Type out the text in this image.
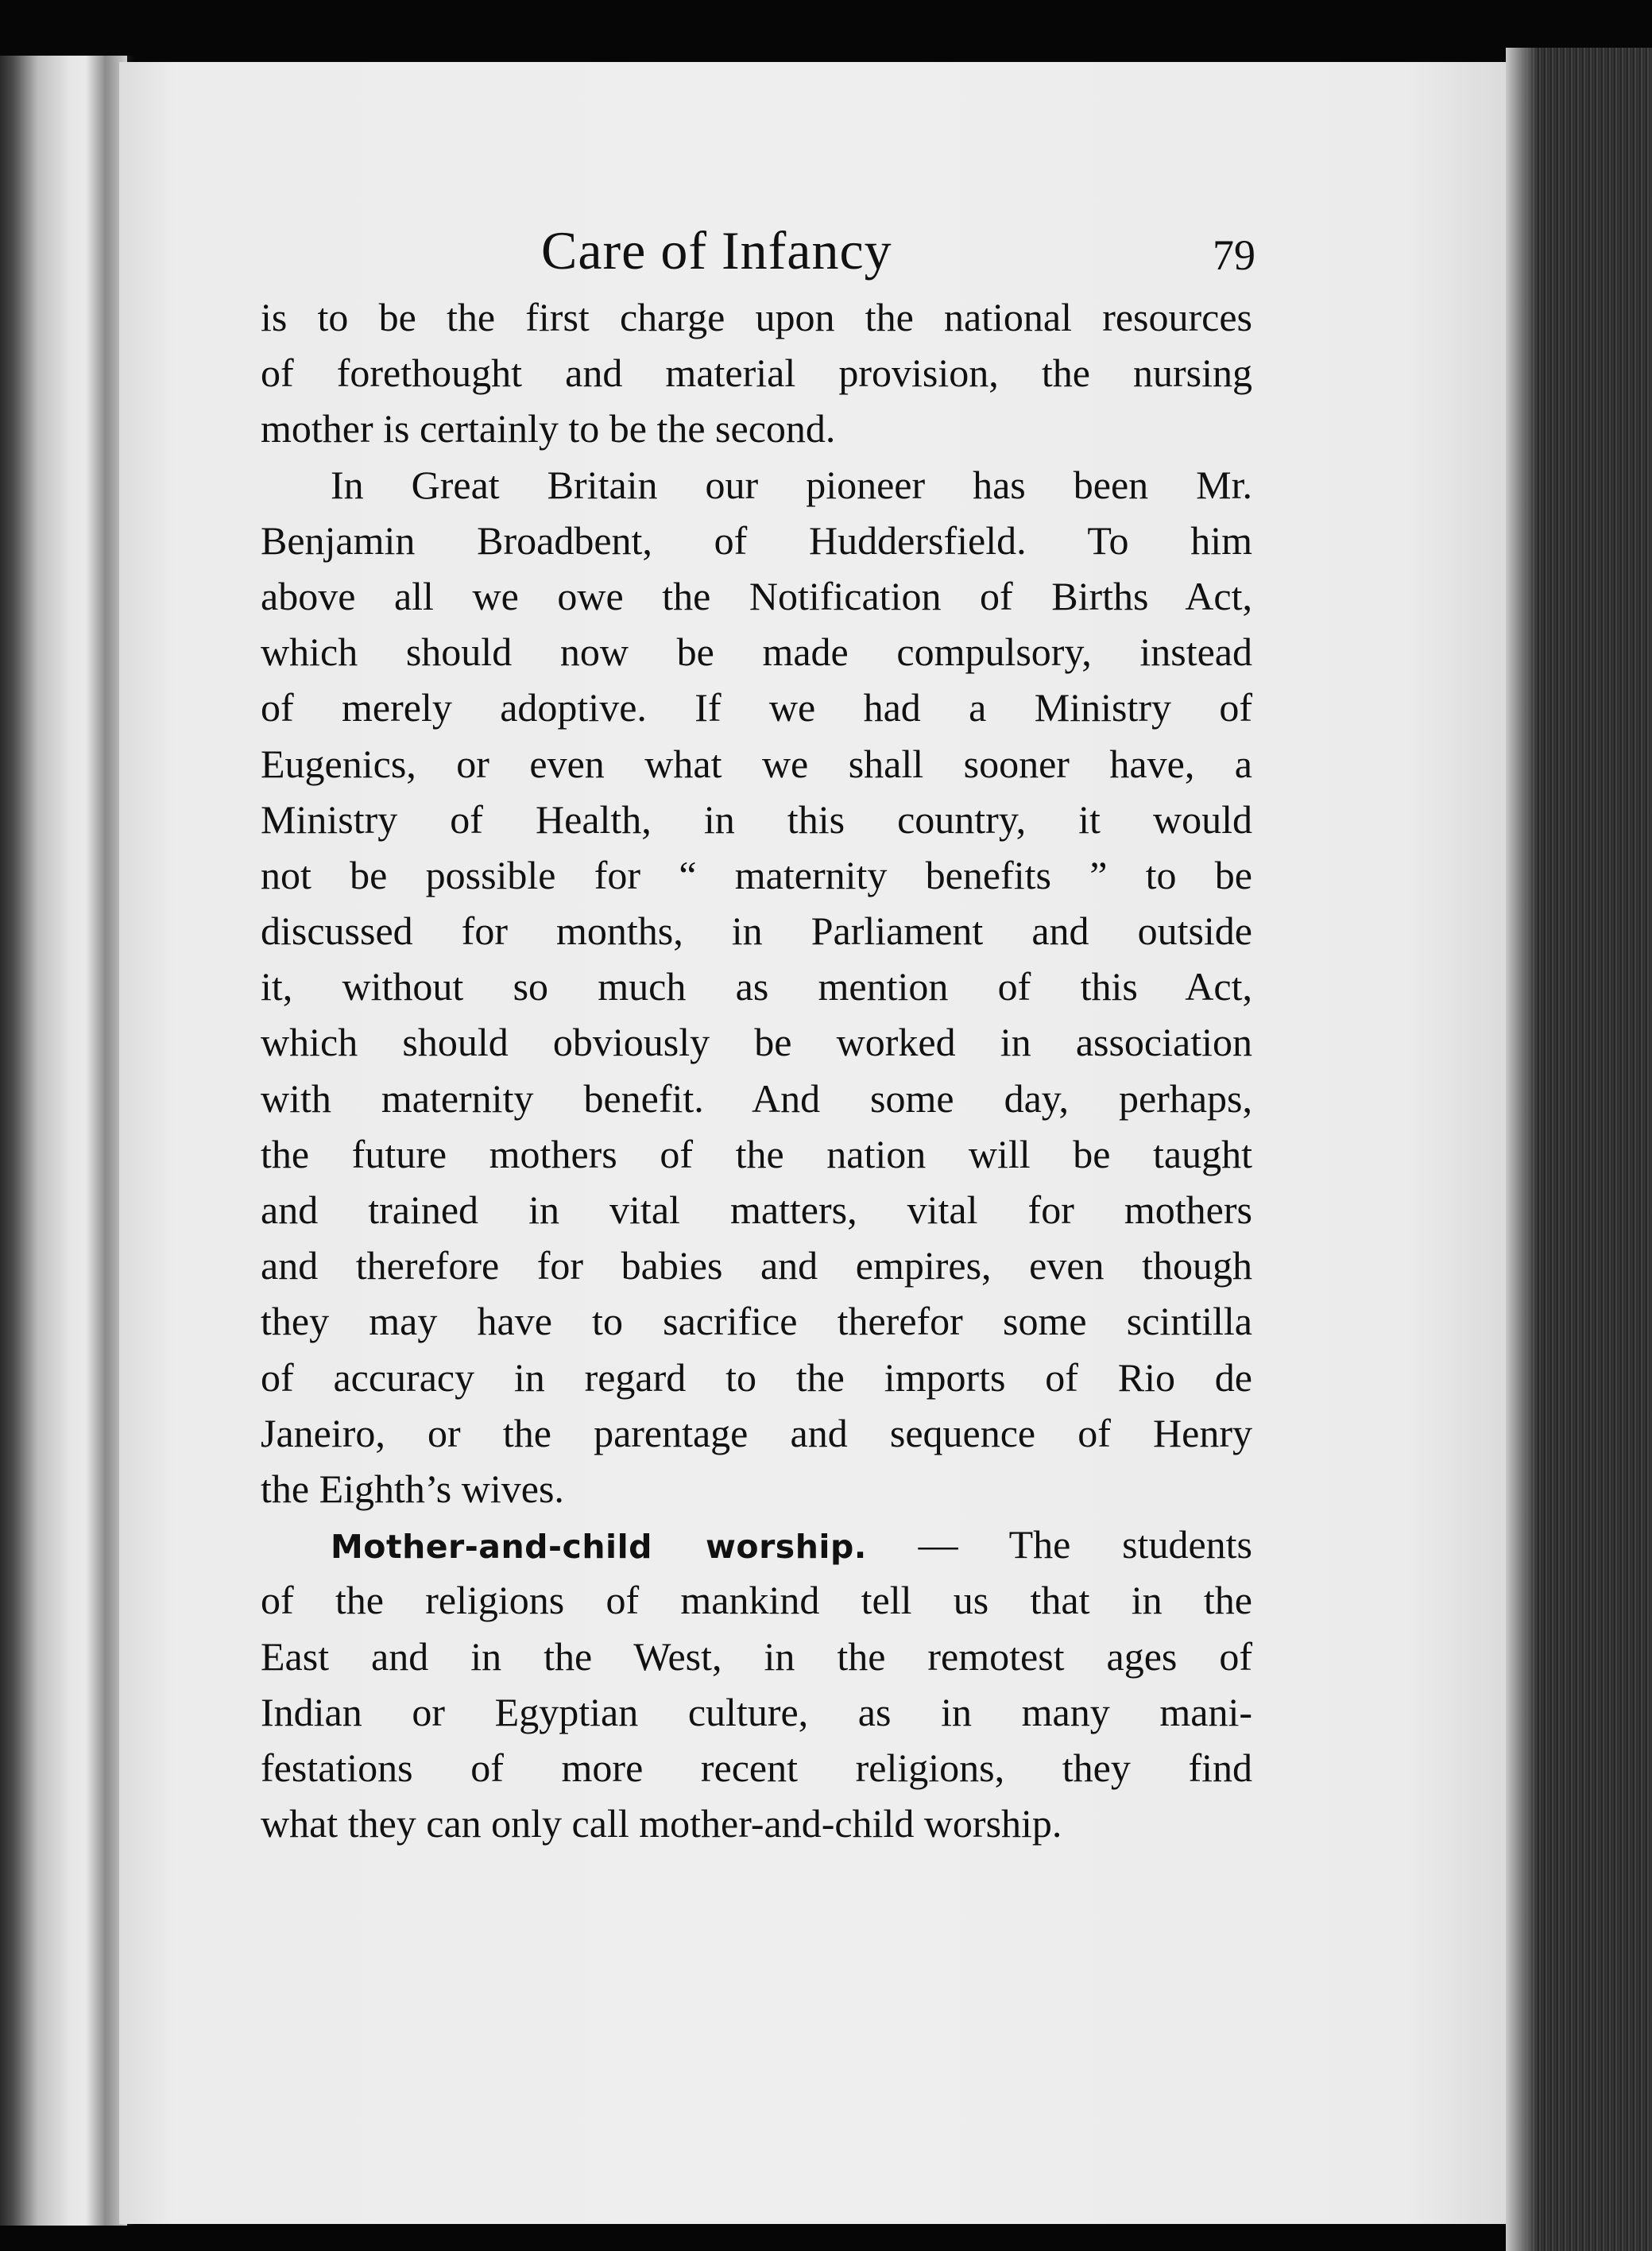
Care of Infancy	79
is to be the first charge upon the national resources
of forethought and material provision, the nursing
mother is certainly to be the second.
In Great Britain our pioneer has been Mr.
Benjamin Broadbent, of Huddersfield. To him
above all we owe the Notification of Births Act,
which should now be made compulsory, instead
of merely adoptive. If we had a Ministry of
Eugenics, or even what we shall sooner have, a
Ministry of Health, in this country, it would
not be possible for “ maternity benefits ” to be
discussed for months, in Parliament and outside
it, without so much as mention of this Act,
which should obviously be worked in association
with maternity benefit. And some day, perhaps,
the future mothers of the nation will be taught
and trained in vital matters, vital for mothers
and therefore for babies and empires, even though
they may have to sacrifice therefor some scintilla
of accuracy in regard to the imports of Rio de
Janeiro, or the parentage and sequence of Henry
the Eighth’s wives.
Mother-and-child worship. — The students
of the religions of mankind tell us that in the
East and in the West, in the remotest ages of
Indian or Egyptian culture, as in many mani-
festations of more recent religions, they find
what they can only call mother-and-child worship.
